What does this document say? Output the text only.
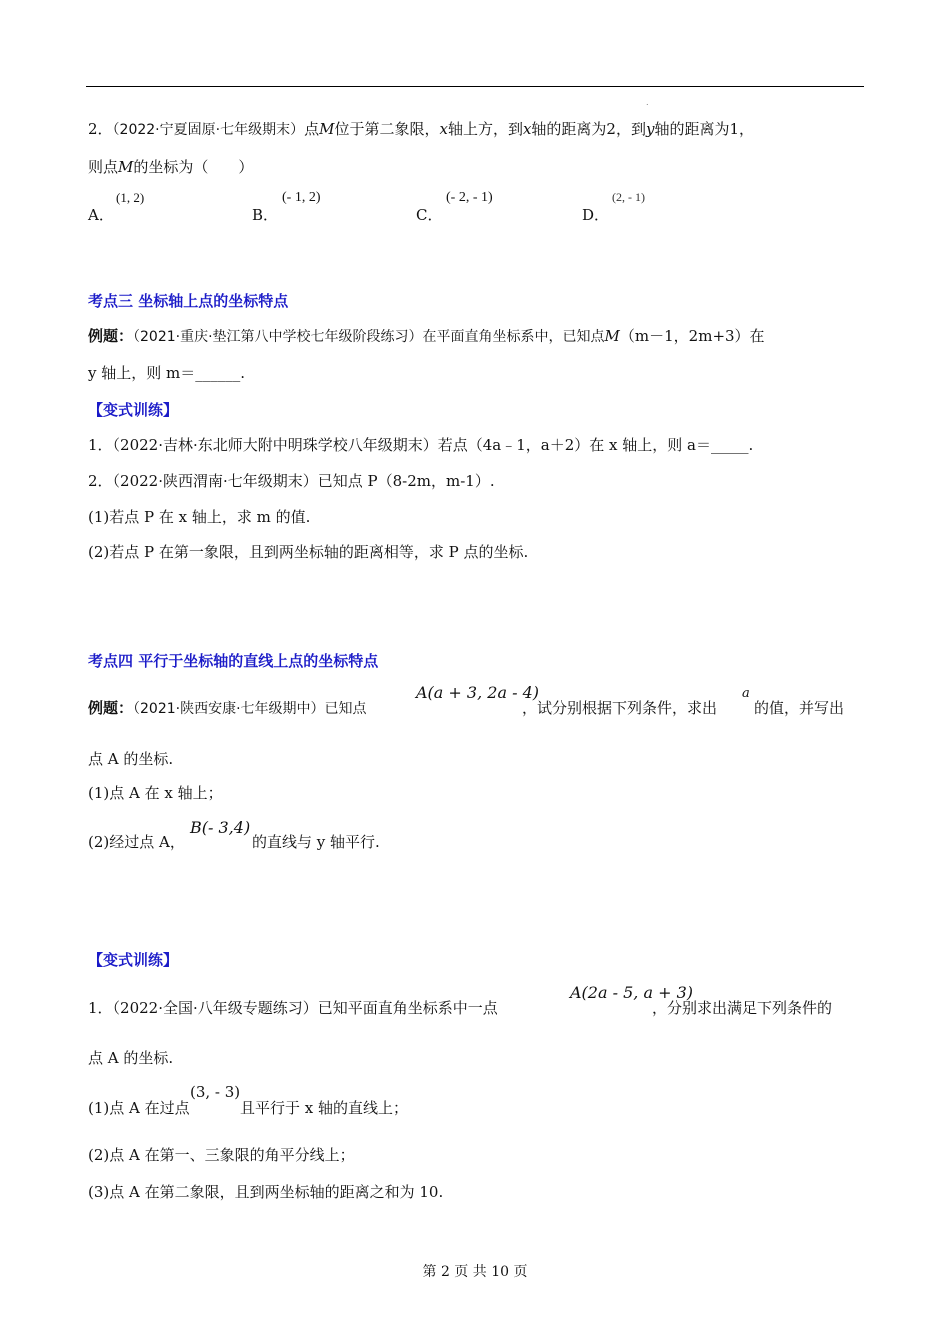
.
2．（2022·宁夏固原·七年级期末）点M位于第二象限，x轴上方，到x轴的距离为2，到y轴的距离为1，
则点M的坐标为（　　）
A．
(1, 2)
B．
(- 1, 2)
C．
(- 2, - 1)
D．
(2, - 1)
考点三 坐标轴上点的坐标特点
例题：（2021·重庆·垫江第八中学校七年级阶段练习）在平面直角坐标系中，已知点M（m－1，2m+3）在
y 轴上，则 m＝______.
【变式训练】
1．（2022·吉林·东北师大附中明珠学校八年级期末）若点（4a﹣1，a＋2）在 x 轴上，则 a＝_____.
2．（2022·陕西渭南·七年级期末）已知点 P（8-2m，m-1）.
(1)若点 P 在 x 轴上，求 m 的值.
(2)若点 P 在第一象限，且到两坐标轴的距离相等，求 P 点的坐标.
考点四 平行于坐标轴的直线上点的坐标特点
例题：（2021·陕西安康·七年级期中）已知点
A(a + 3, 2a - 4)
，试分别根据下列条件，求出
a
的值，并写出
点 A 的坐标.
(1)点 A 在 x 轴上；
(2)经过点 A，
B(- 3,4)
的直线与 y 轴平行.
【变式训练】
1．（2022·全国·八年级专题练习）已知平面直角坐标系中一点
A(2a - 5, a + 3)
，分别求出满足下列条件的
点 A 的坐标.
(1)点 A 在过点
(3, - 3)
且平行于 x 轴的直线上；
(2)点 A 在第一、三象限的角平分线上；
(3)点 A 在第二象限，且到两坐标轴的距离之和为 10.
第 2 页 共 10 页
